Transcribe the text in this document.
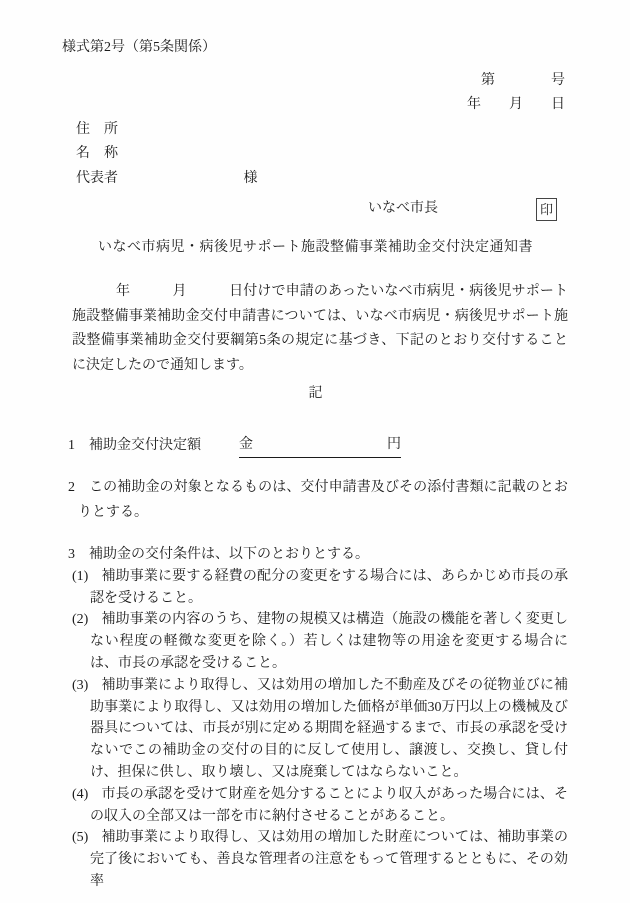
様式第2号（第5条関係）
第　　　　号
年　　月　　日
住　所
名　称
代表者	様
いなべ市長	印
いなべ市病児・病後児サポート施設整備事業補助金交付決定通知書

年　　　月　　　日付けで申請のあったいなべ市病児・病後児サポート施設整備事業補助金交付申請書については、いなべ市病児・病後児サポート施設整備事業補助金交付要綱第5条の規定に基づき、下記のとおり交付することに決定したので通知します。

記
1 補助金交付決定額	金	円
2 この補助金の対象となるものは、交付申請書及びその添付書類に記載のとおりとする。
3 補助金の交付条件は、以下のとおりとする。
(1) 補助事業に要する経費の配分の変更をする場合には、あらかじめ市長の承認を受けること。
(2) 補助事業の内容のうち、建物の規模又は構造（施設の機能を著しく変更しない程度の軽微な変更を除く。）若しくは建物等の用途を変更する場合には、市長の承認を受けること。
(3) 補助事業により取得し、又は効用の増加した不動産及びその従物並びに補助事業により取得し、又は効用の増加した価格が単価30万円以上の機械及び器具については、市長が別に定める期間を経過するまで、市長の承認を受けないでこの補助金の交付の目的に反して使用し、譲渡し、交換し、貸し付け、担保に供し、取り壊し、又は廃棄してはならないこと。
(4) 市長の承認を受けて財産を処分することにより収入があった場合には、その収入の全部又は一部を市に納付させることがあること。
(5) 補助事業により取得し、又は効用の増加した財産については、補助事業の完了後においても、善良な管理者の注意をもって管理するとともに、その効率
